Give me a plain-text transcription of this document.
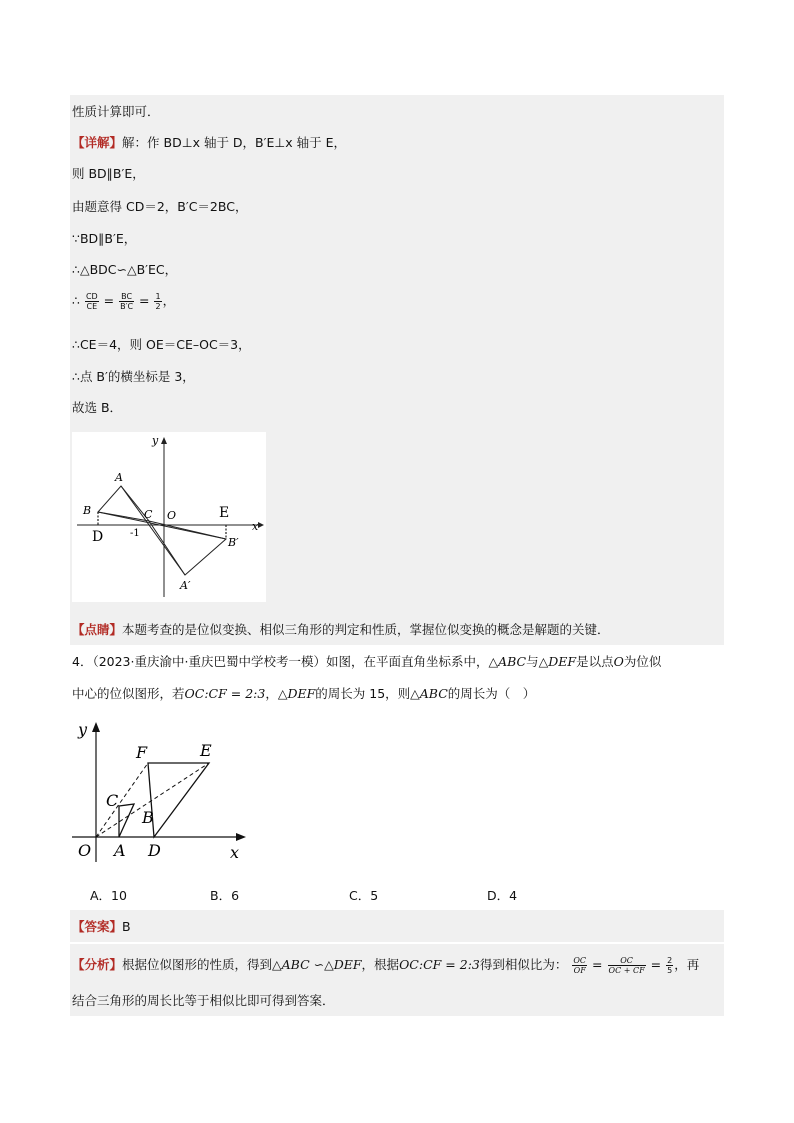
性质计算即可．
【详解】解：作 BD⊥x 轴于 D，B′E⊥x 轴于 E，
则 BD∥B′E，
由题意得 CD＝2，B′C＝2BC，
∵BD∥B′E，
∴△BDC∽△B′EC，
∴ $\frac{CD}{CE} = \frac{BC}{B'C} = \frac{1}{2}$ ，
∴CE＝4，则 OE＝CE–OC＝3，
∴点 B′的横坐标是 3，
故选 B．
y
A
B	C O	E
x
D	-1
B′
A′
【点睛】本题考查的是位似变换、相似三角形的判定和性质，掌握位似变换的概念是解题的关键．
4．（2023·重庆渝中·重庆巴蜀中学校考一模）如图，在平面直角坐标系中，△ABC与△DEF是以点O为位似
中心的位似图形，若OC:CF = 2:3，△DEF的周长为 15，则△ABC的周长为（　）
y
F	E
C
B
O A D	x
A．10	B．6	C．5	D．4
【答案】B
【分析】根据位似图形的性质，得到△ABC ∽△DEF，根据OC:CF = 2:3得到相似比为： $\frac{OC}{OF} = \frac{OC}{OC + CF} = \frac{2}{5}$ ，再
结合三角形的周长比等于相似比即可得到答案．
